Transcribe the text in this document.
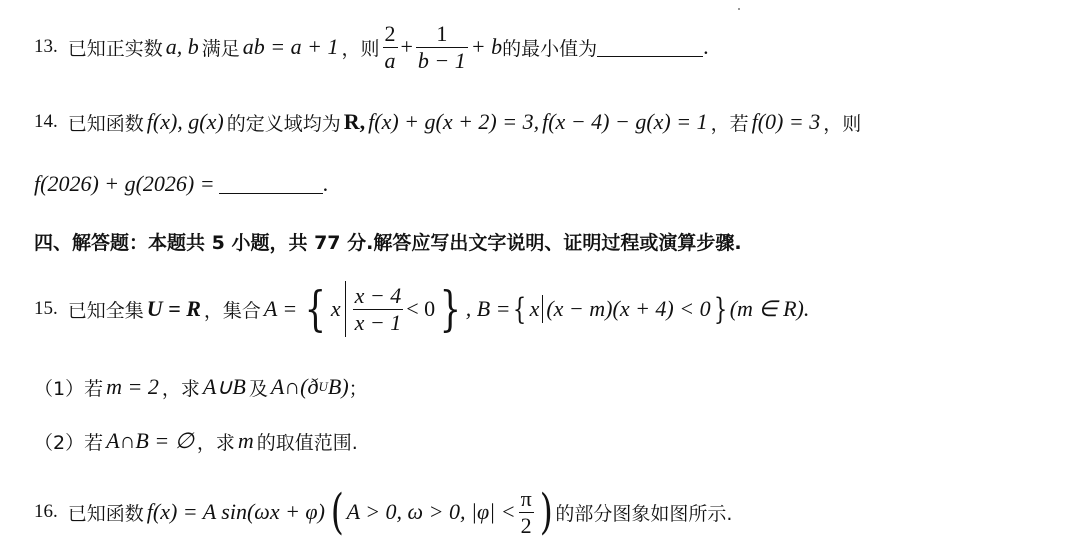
13. 已知正实数 a, b 满足 ab = a + 1 ，则 $\frac{2}{a} + \frac{1}{b - 1} + b$ 的最小值为	.
14. 已知函数 f(x), g(x) 的定义域均为 R, f(x) + g(x + 2) = 3, f(x − 4) − g(x) = 1 ，若 f(0) = 3 ，则
f(2026) + g(2026) =	.
四、解答题：本题共 5 小题，共 77 分.解答应写出文字说明、证明过程或演算步骤.
15. 已知全集 U = R ，集合 A = { x $\frac{x - 4}{x - 1} < 0$ } , B = { x (x − m)(x + 4) < 0 } (m ∈ R).
（1）若 m = 2 ，求 A∪B 及 A∩(ð U B) ；
（2）若 A∩B = ∅ ，求 m 的取值范围.
16. 已知函数 f(x) = A sin(ωx + φ) ( A > 0, ω > 0, $|\varphi| < \frac{\pi}{2}$ ) 的部分图象如图所示.
